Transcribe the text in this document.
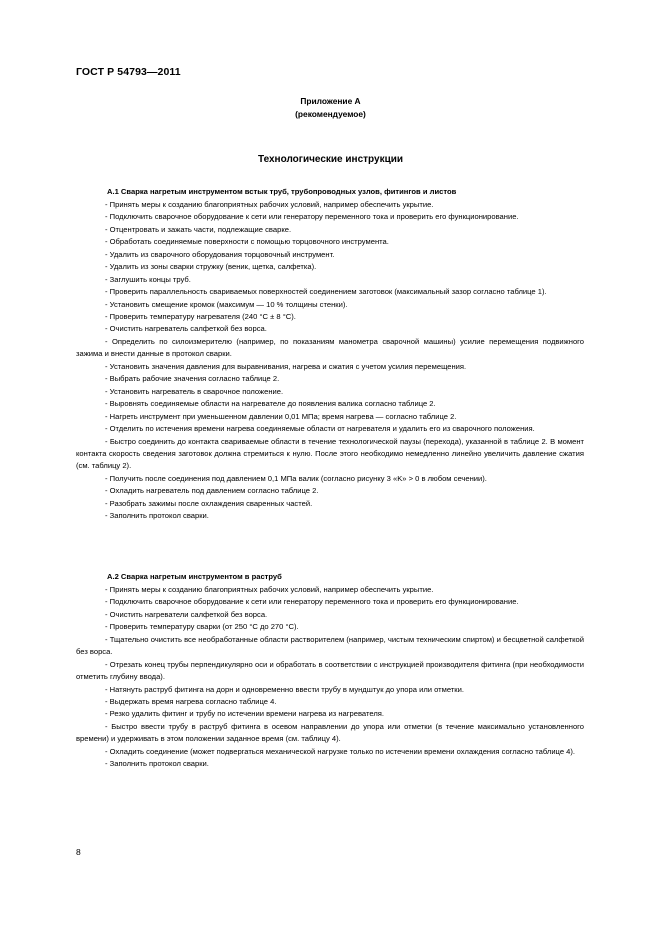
ГОСТ Р 54793—2011
Приложение А
(рекомендуемое)
Технологические инструкции
А.1 Сварка нагретым инструментом встык труб, трубопроводных узлов, фитингов и листов

- Принять меры к созданию благоприятных рабочих условий, например обеспечить укрытие.

- Подключить сварочное оборудование к сети или генератору переменного тока и проверить его функционирование.

- Отцентровать и зажать части, подлежащие сварке.

- Обработать соединяемые поверхности с помощью торцовочного инструмента.

- Удалить из сварочного оборудования торцовочный инструмент.

- Удалить из зоны сварки стружку (веник, щетка, салфетка).

- Заглушить концы труб.

- Проверить параллельность свариваемых поверхностей соединением заготовок (максимальный зазор согласно таблице 1).

- Установить смещение кромок (максимум — 10 % толщины стенки).

- Проверить температуру нагревателя (240 °С ± 8 °С).

- Очистить нагреватель салфеткой без ворса.

- Определить по силоизмерителю (например, по показаниям манометра сварочной машины) усилие перемещения подвижного зажима и внести данные в протокол сварки.

- Установить значения давления для выравнивания, нагрева и сжатия с учетом усилия перемещения.

- Выбрать рабочие значения согласно таблице 2.

- Установить нагреватель в сварочное положение.

- Выровнять соединяемые области на нагревателе до появления валика согласно таблице 2.

- Нагреть инструмент при уменьшенном давлении 0,01 МПа; время нагрева — согласно таблице 2.

- Отделить по истечения времени нагрева соединяемые области от нагревателя и удалить его из сварочного положения.

- Быстро соединить до контакта свариваемые области в течение технологической паузы (перехода), указанной в таблице 2. В момент контакта скорость сведения заготовок должна стремиться к нулю. После этого необходимо немедленно линейно увеличить давление сжатия (см. таблицу 2).

- Получить после соединения под давлением 0,1 МПа валик (согласно рисунку 3 «K» > 0 в любом сечении).

- Охладить нагреватель под давлением согласно таблице 2.

- Разобрать зажимы после охлаждения сваренных частей.

- Заполнить протокол сварки.

А.2 Сварка нагретым инструментом в раструб

- Принять меры к созданию благоприятных рабочих условий, например обеспечить укрытие.

- Подключить сварочное оборудование к сети или генератору переменного тока и проверить его функционирование.

- Очистить нагреватели салфеткой без ворса.

- Проверить температуру сварки (от 250 °С до 270 °С).

- Тщательно очистить все необработанные области растворителем (например, чистым техническим спиртом) и бесцветной салфеткой без ворса.

- Отрезать конец трубы перпендикулярно оси и обработать в соответствии с инструкцией производителя фитинга (при необходимости отметить глубину ввода).

- Натянуть раструб фитинга на дорн и одновременно ввести трубу в мундштук до упора или отметки.

- Выдержать время нагрева согласно таблице 4.

- Резко удалить фитинг и трубу по истечении времени нагрева из нагревателя.

- Быстро ввести трубу в раструб фитинга в осевом направлении до упора или отметки (в течение максимально установленного времени) и удерживать в этом положении заданное время (см. таблицу 4).

- Охладить соединение (может подвергаться механической нагрузке только по истечении времени охлаждения согласно таблице 4).

- Заполнить протокол сварки.

8
